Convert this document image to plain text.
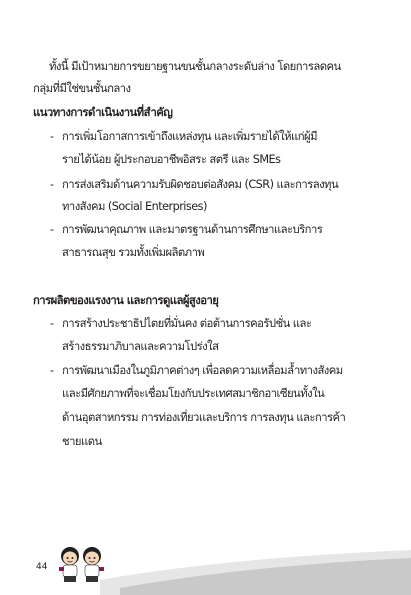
ทั้งนี้ มีเป้าหมายการขยายฐานขนชั้นกลางระดับล่าง โดยการลดคน
กลุ่มที่มีใช่ขนชั้นกลาง
แนวทางการดำเนินงานที่สำคัญ
- การเพิ่มโอกาสการเข้าถึงแหล่งทุน และเพิ่มรายได้ให้แก่ผู้มี
รายได้น้อย ผู้ประกอบอาชีพอิสระ สตรี และ SMEs
- การส่งเสริมด้านความรับผิดชอบต่อสังคม (CSR) และการลงทุน
ทางสังคม (Social Enterprises)
- การพัฒนาคุณภาพ และมาตรฐานด้านการศึกษาและบริการ
สาธารณสุข รวมทั้งเพิ่มผลิตภาพ
การผลิตของแรงงาน และการดูแลผู้สูงอายุ
- การสร้างประชาธิปไตยที่มั่นคง ต่อต้านการคอรัปชั่น และ
สร้างธรรมาภิบาลและความโปร่งใส
- การพัฒนาเมืองในภูมิภาคต่างๆ เพื่อลดความเหลื่อมล้ำทางสังคม
และมีศักยภาพที่จะเชื่อมโยงกับประเทศสมาชิกอาเซียนทั้งใน
ด้านอุตสาหกรรม การท่องเที่ยวและบริการ การลงทุน และการค้า
ชายแดน
44
